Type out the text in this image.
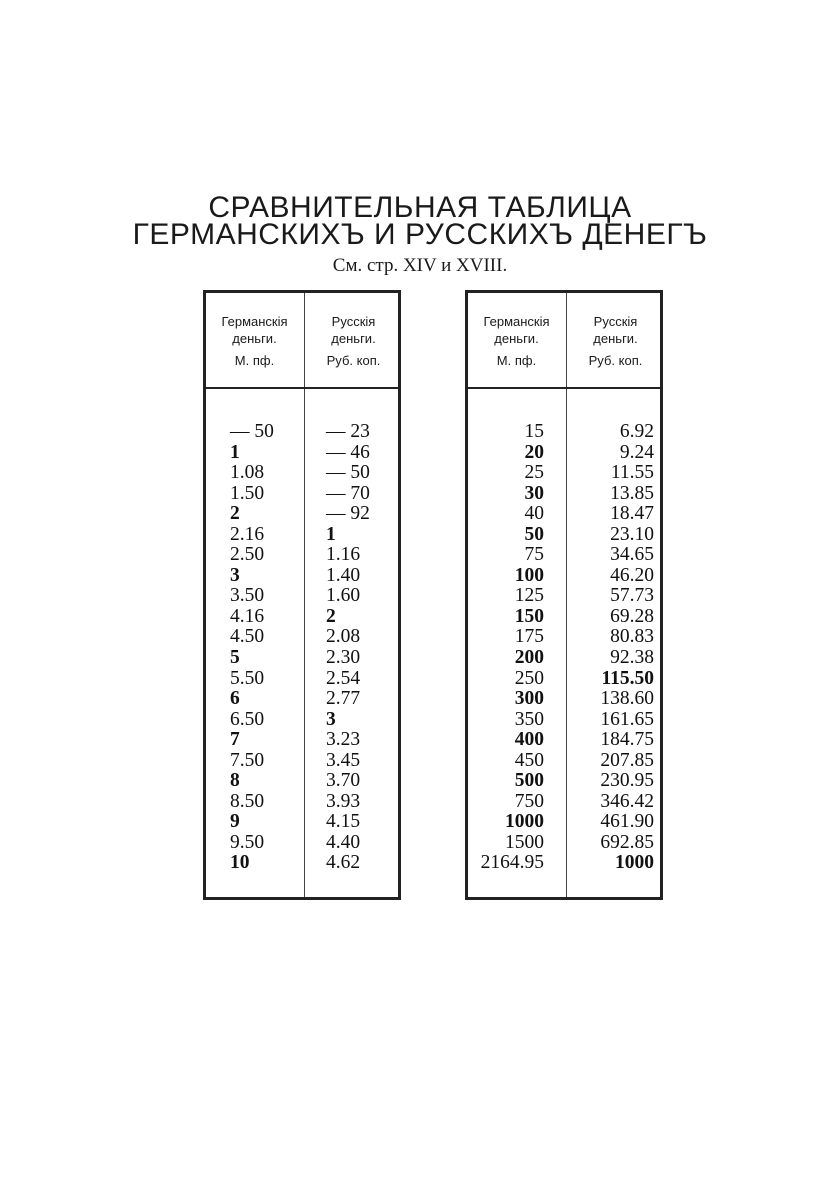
СРАВНИТЕЛЬНАЯ ТАБЛИЦА
ГЕРМАНСКИХЪ И РУССКИХЪ ДЕНЕГЪ
См. стр. XIV и XVIII.
Германскія
деньги.
М. пф.
Русскія
деньги.
Руб. коп.
— 50
1
1.08
1.50
2
2.16
2.50
3
3.50
4.16
4.50
5
5.50
6
6.50
7
7.50
8
8.50
9
9.50
10
— 23
— 46
— 50
— 70
— 92
1
1.16
1.40
1.60
2
2.08
2.30
2.54
2.77
3
3.23
3.45
3.70
3.93
4.15
4.40
4.62
Германскія
деньги.
М. пф.
Русскія
деньги.
Руб. коп.
15
20
25
30
40
50
75
100
125
150
175
200
250
300
350
400
450
500
750
1000
1500
2164.95
6.92
9.24
11.55
13.85
18.47
23.10
34.65
46.20
57.73
69.28
80.83
92.38
115.50
138.60
161.65
184.75
207.85
230.95
346.42
461.90
692.85
1000
